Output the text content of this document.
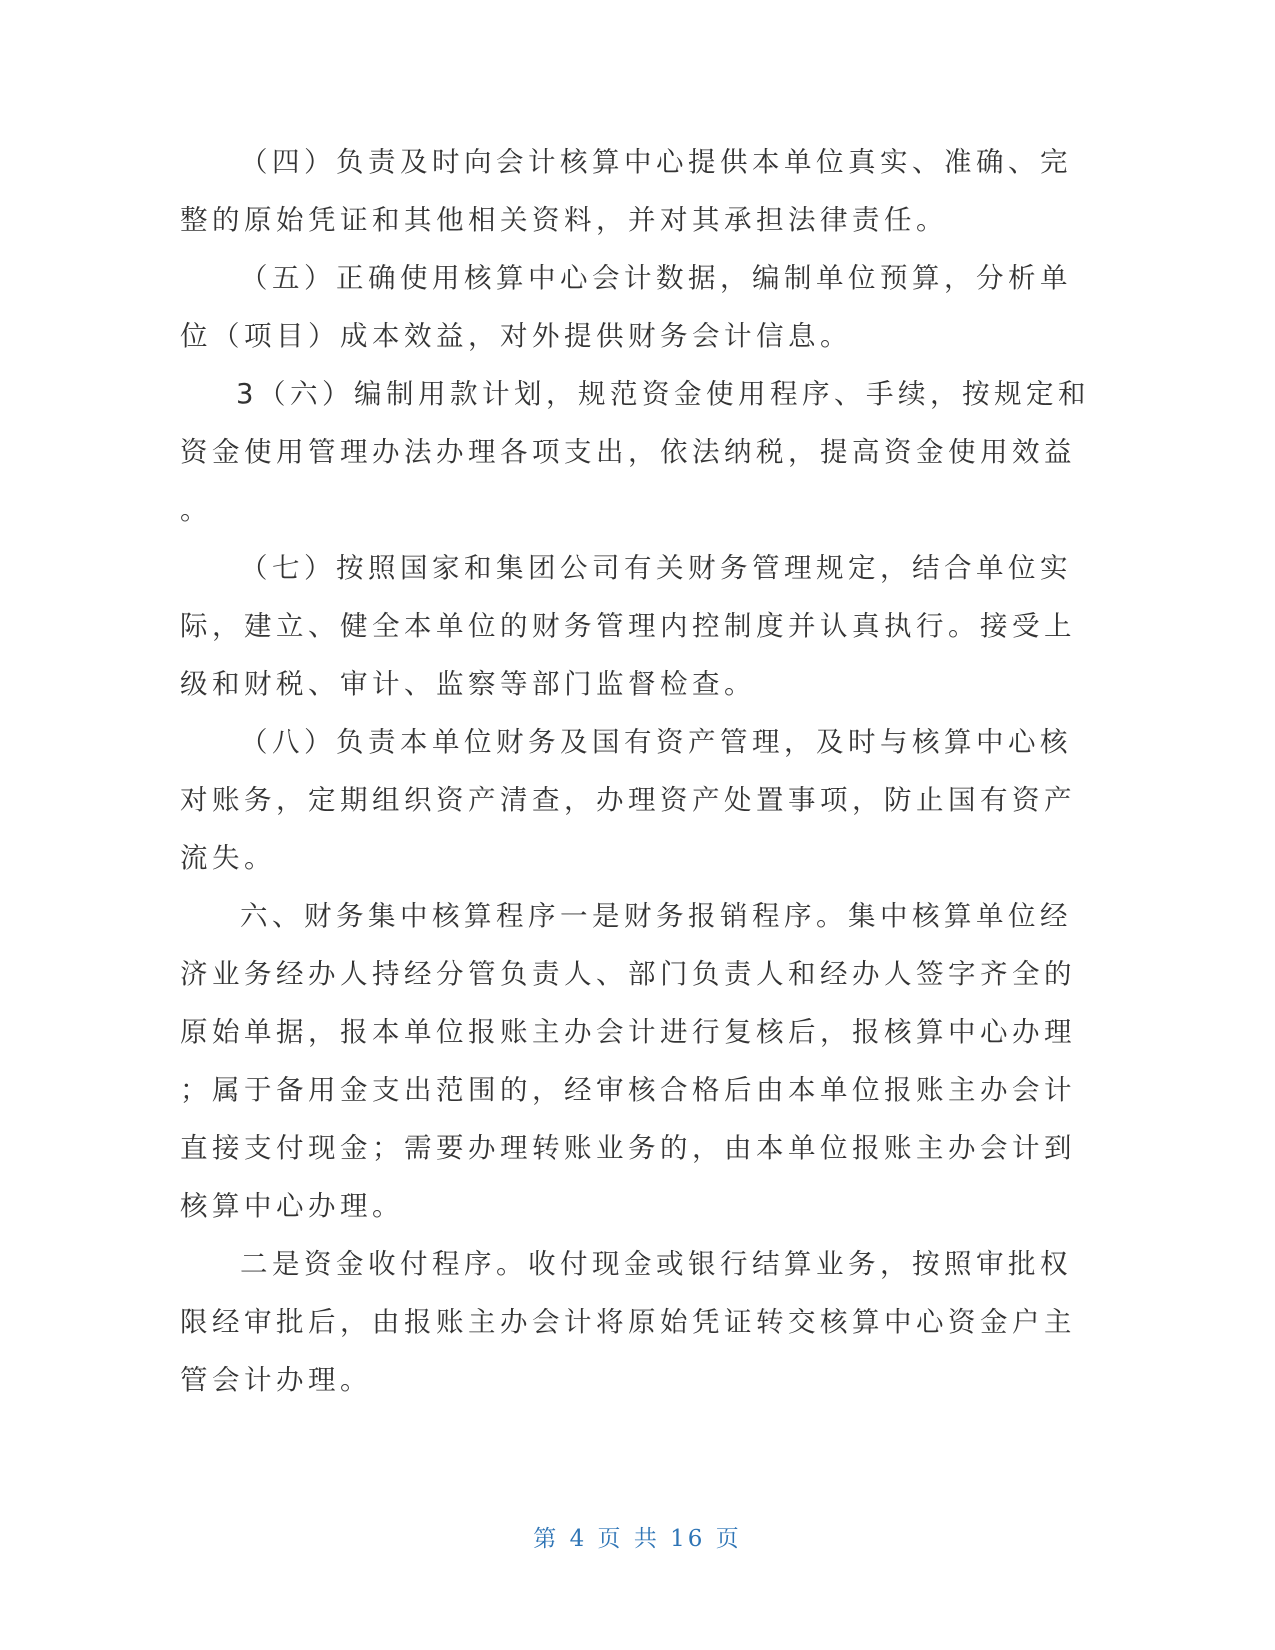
（四）负责及时向会计核算中心提供本单位真实、准确、完
整的原始凭证和其他相关资料，并对其承担法律责任。
（五）正确使用核算中心会计数据，编制单位预算，分析单
位（项目）成本效益，对外提供财务会计信息。
3（六）编制用款计划，规范资金使用程序、手续，按规定和
资金使用管理办法办理各项支出，依法纳税，提高资金使用效益
。
（七）按照国家和集团公司有关财务管理规定，结合单位实
际，建立、健全本单位的财务管理内控制度并认真执行。接受上
级和财税、审计、监察等部门监督检查。
（八）负责本单位财务及国有资产管理，及时与核算中心核
对账务，定期组织资产清查，办理资产处置事项，防止国有资产
流失。
六、财务集中核算程序一是财务报销程序。集中核算单位经
济业务经办人持经分管负责人、部门负责人和经办人签字齐全的
原始单据，报本单位报账主办会计进行复核后，报核算中心办理
；属于备用金支出范围的，经审核合格后由本单位报账主办会计
直接支付现金；需要办理转账业务的，由本单位报账主办会计到
核算中心办理。
二是资金收付程序。收付现金或银行结算业务，按照审批权
限经审批后，由报账主办会计将原始凭证转交核算中心资金户主
管会计办理。
第 4 页 共 16 页
